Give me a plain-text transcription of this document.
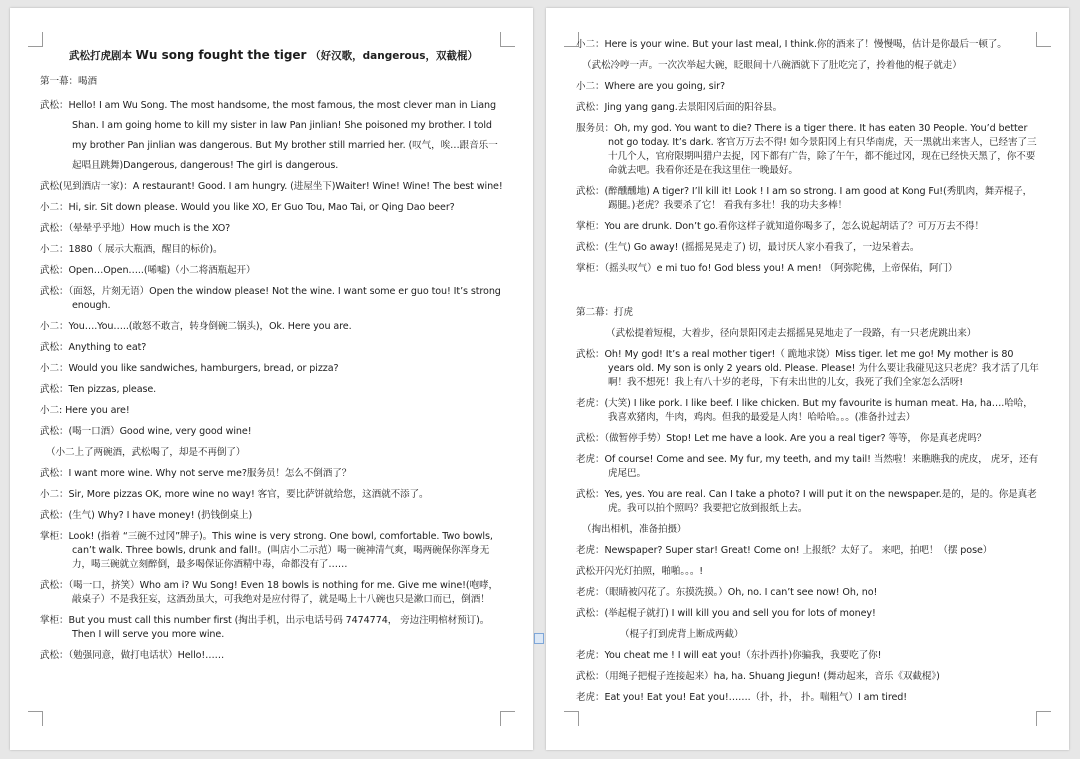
武松打虎剧本 Wu song fought the tiger （好汉歌，dangerous，双截棍）
第一幕：喝酒
武松：Hello! I am Wu Song. The most handsome, the most famous, the most clever man in Liang Shan. I am going home to kill my sister in law Pan jinlian! She poisoned my brother. I told my brother Pan jinlian was dangerous. But My brother still married her. (叹气，唉…跟音乐一起唱且跳舞)Dangerous, dangerous! The girl is dangerous.
武松(见到酒店一家)：A restaurant! Good. I am hungry. (进屋坐下)Waiter! Wine! Wine! The best wine!
小二：Hi, sir. Sit down please. Would you like XO, Er Guo Tou, Mao Tai, or Qing Dao beer?
武松：（晕晕乎乎地）How much is the XO?
小二：1880（ 展示大瓶酒，醒目的标价)。
武松：Open…Open…..(唏嘘)（小二将酒瓶起开）
武松：（面怒，片刻无语）Open the window please! Not the wine. I want some er guo tou! It’s strong enough.
小二：You….You…..(敢怒不敢言，转身倒碗二锅头)，Ok. Here you are.
武松：Anything to eat?
小二：Would you like sandwiches, hamburgers, bread, or pizza?
武松：Ten pizzas, please.
小二: Here you are!
武松：(喝一口酒）Good wine, very good wine!
（小二上了两碗酒，武松喝了，却是不再倒了）
武松：I want more wine. Why not serve me?服务员！怎么不倒酒了？
小二：Sir, More pizzas OK, more wine no way! 客官，要比萨饼就给您，这酒就不添了。
武松：(生气) Why? I have money! (扔钱倒桌上)
掌柜：Look! (指着 “三碗不过冈”牌子)。This wine is very strong. One bowl, comfortable. Two bowls, can’t walk. Three bowls, drunk and fall!。(叫店小二示范）喝一碗神清气爽，喝两碗保你浑身无力，喝三碗就立刻醉倒，最多喝保证你酒精中毒，命都没有了……
武松：（喝一口，挤笑）Who am i? Wu Song! Even 18 bowls is nothing for me. Give me wine!(咆哮，敲桌子）不是我狂妄，这酒劲虽大，可我绝对是应付得了，就是喝上十八碗也只是漱口而已，倒酒！
掌柜：But you must call this number first (掏出手机，出示电话号码 7474774， 旁边注明棺材预订)。Then I will serve you more wine.
武松：（勉强同意，做打电话状）Hello!……
小二：Here is your wine. But your last meal, I think.你的酒来了！慢慢喝，估计是你最后一顿了。
（武松冷哼一声。一次次举起大碗，眨眼间十八碗酒就下了肚吃完了，拎着他的棍子就走）
小二：Where are you going, sir?
武松：Jing yang gang.去景阳冈后面的阳谷县。
服务员：Oh, my god. You want to die? There is a tiger there. It has eaten 30 People. You’d better not go today. It’s dark. 客官万万去不得! 如今景阳冈上有只华南虎，天一黑就出来害人，已经害了三十几个人，官府限期叫猎户去捉，冈下都有广告，除了午午，都不能过冈，现在已经快天黑了，你不要命就去吧。我看你还是在我这里住一晚最好。
武松：(醉醺醺地) A tiger? I’ll kill it! Look ! I am so strong. I am good at Kong Fu!(秀肌肉，舞弄棍子，踢腿。)老虎？我要杀了它！ 看我有多壮！我的功夫多棒！
掌柜：You are drunk. Don’t go.看你这样子就知道你喝多了，怎么说起胡话了？可万万去不得！
武松：(生气) Go away! (摇摇晃晃走了) 切，最讨厌人家小看我了，一边呆着去。
掌柜：（摇头叹气）e mi tuo fo! God bless you! A men! （阿弥陀佛，上帝保佑，阿门）
第二幕：打虎
（武松提着短棍，大着步，径向景阳冈走去摇摇晃晃地走了一段路，有一只老虎跳出来）
武松：Oh! My god! It’s a real mother tiger!（ 跪地求饶）Miss tiger. let me go! My mother is 80 years old. My son is only 2 years old. Please. Please! 为什么要让我碰见这只老虎？我才活了几年啊！我不想死！我上有八十岁的老母，下有未出世的儿女，我死了我们全家怎么活呀!
老虎：(大笑) I like pork. I like beef. I like chicken. But my favourite is human meat. Ha, ha….哈哈，我喜欢猪肉，牛肉，鸡肉。但我的最爱是人肉！哈哈哈。。。(准备扑过去）
武松：（做暂停手势）Stop! Let me have a look. Are you a real tiger? 等等， 你是真老虎吗？
老虎：Of course! Come and see. My fur, my teeth, and my tail! 当然啦！来瞧瞧我的虎皮， 虎牙，还有虎尾巴。
武松：Yes, yes. You are real. Can I take a photo? I will put it on the newspaper.是的，是的。你是真老虎。我可以拍个照吗？我要把它放到报纸上去。
（掏出相机，准备拍摄）
老虎：Newspaper? Super star! Great! Come on! 上报纸？太好了。 来吧，拍吧！（摆 pose）
武松开闪光灯拍照，啪啪。。。!
老虎：（眼睛被闪花了。东摸洗摸。）Oh, no. I can’t see now! Oh, no!
武松：(举起棍子就打) I will kill you and sell you for lots of money!
（棍子打到虎背上断成两截）
老虎：You cheat me ! I will eat you!（东扑西扑)你骗我，我要吃了你!
武松：（用绳子把棍子连接起来）ha, ha. Shuang Jiegun! (舞动起来，音乐《双截棍》)
老虎：Eat you! Eat you! Eat you!…….（扑，扑， 扑。喘粗气）I am tired!
